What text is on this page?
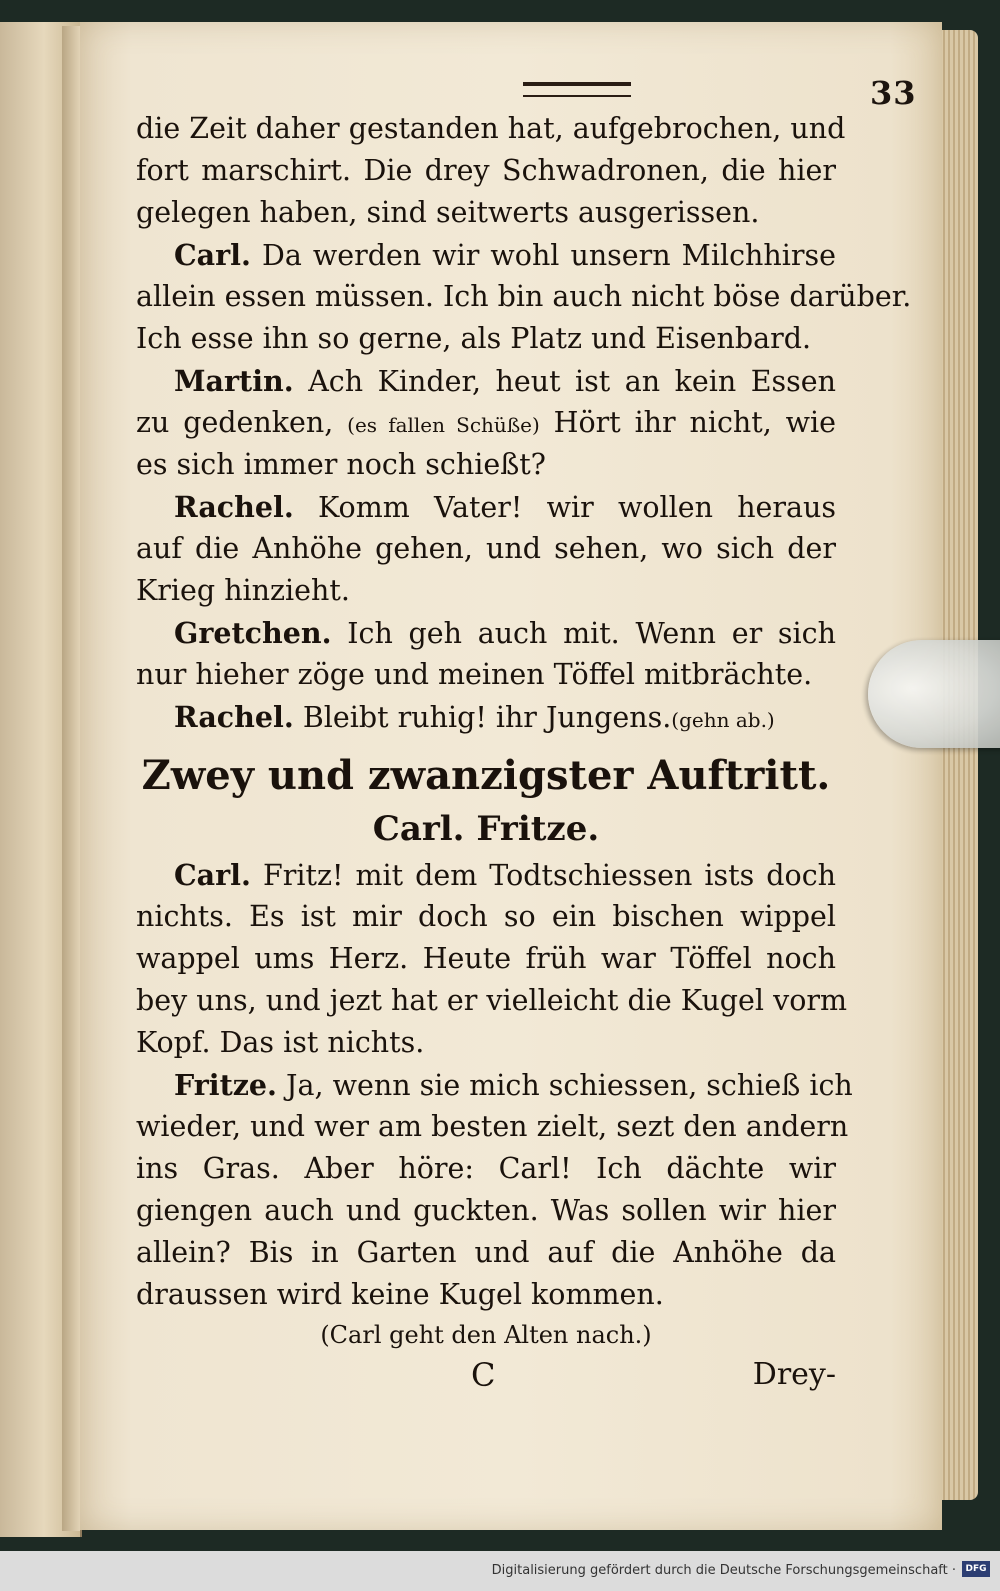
33
die Zeit daher gestanden hat, aufgebrochen, und
fort marschirt. Die drey Schwadronen, die hier
gelegen haben, sind seitwerts ausgerissen.
Carl. Da werden wir wohl unsern Milchhirse
allein essen müssen. Ich bin auch nicht böse darüber.
Ich esse ihn so gerne, als Platz und Eisenbard.
Martin. Ach Kinder, heut ist an kein Essen
zu gedenken, (es fallen Schüße) Hört ihr nicht, wie
es sich immer noch schießt?
Rachel. Komm Vater! wir wollen heraus
auf die Anhöhe gehen, und sehen, wo sich der
Krieg hinzieht.
Gretchen. Ich geh auch mit. Wenn er sich
nur hieher zöge und meinen Töffel mitbrächte.
Rachel. Bleibt ruhig! ihr Jungens.(gehn ab.)
Zwey und zwanzigster Auftritt.
Carl. Fritze.
Carl. Fritz! mit dem Todtschiessen ists doch
nichts. Es ist mir doch so ein bischen wippel
wappel ums Herz. Heute früh war Töffel noch
bey uns, und jezt hat er vielleicht die Kugel vorm
Kopf. Das ist nichts.
Fritze. Ja, wenn sie mich schiessen, schieß ich
wieder, und wer am besten zielt, sezt den andern
ins Gras. Aber höre: Carl! Ich dächte wir
giengen auch und guckten. Was sollen wir hier
allein? Bis in Garten und auf die Anhöhe da
draussen wird keine Kugel kommen.
(Carl geht den Alten nach.)
C	Drey-
Digitalisierung gefördert durch die Deutsche Forschungsgemeinschaft ·	DFG
